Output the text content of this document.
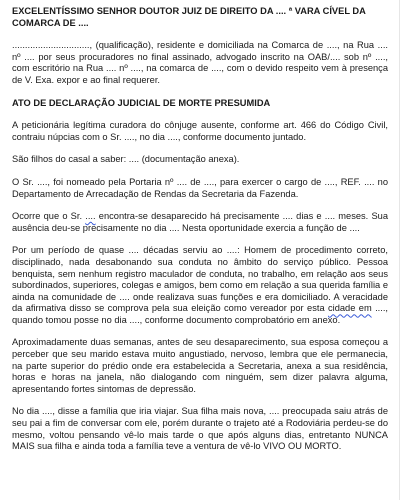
EXCELENTÍSSIMO SENHOR DOUTOR JUIZ DE DIREITO DA .... ª VARA CÍVEL DA COMARCA DE ....
.............................., (qualificação), residente e domiciliada na Comarca de ...., na Rua .... nº .... por seus procuradores no final assinado, advogado inscrito na OAB/.... sob nº ...., com escritório na Rua .... nº ...., na comarca de ...., com o devido respeito vem à presença de V. Exa. expor e ao final requerer.
ATO DE DECLARAÇÃO JUDICIAL DE MORTE PRESUMIDA
A peticionária legítima curadora do cônjuge ausente, conforme art. 466 do Código Civil, contraiu núpcias com o Sr. ...., no dia ...., conforme documento juntado.
São filhos do casal a saber: .... (documentação anexa).
O Sr. ...., foi nomeado pela Portaria nº .... de ...., para exercer o cargo de ...., REF. .... no Departamento de Arrecadação de Rendas da Secretaria da Fazenda.
Ocorre que o Sr. .... encontra-se desaparecido há precisamente .... dias e .... meses. Sua ausência deu-se precisamente no dia .... Nesta oportunidade exercia a função de ....
Por um período de quase .... décadas serviu ao ....: Homem de procedimento correto, disciplinado, nada desabonando sua conduta no âmbito do serviço público. Pessoa benquista, sem nenhum registro maculador de conduta, no trabalho, em relação aos seus subordinados, superiores, colegas e amigos, bem como em relação a sua querida família e ainda na comunidade de .... onde realizava suas funções e era domiciliado. A veracidade da afirmativa disso se comprova pela sua eleição como vereador por esta cidade em ...., quando tomou posse no dia ...., conforme documento comprobatório em anexo.
Aproximadamente duas semanas, antes de seu desaparecimento, sua esposa começou a perceber que seu marido estava muito angustiado, nervoso, lembra que ele permanecia, na parte superior do prédio onde era estabelecida a Secretaria, anexa a sua residência, horas e horas na janela, não dialogando com ninguém, sem dizer palavra alguma, apresentando fortes sintomas de depressão.
No dia ...., disse a família que iria viajar. Sua filha mais nova, .... preocupada saiu atrás de seu pai a fim de conversar com ele, porém durante o trajeto até a Rodoviária perdeu-se do mesmo, voltou pensando vê-lo mais tarde o que após alguns dias, entretanto NUNCA MAIS sua filha e ainda toda a família teve a ventura de vê-lo VIVO OU MORTO.
